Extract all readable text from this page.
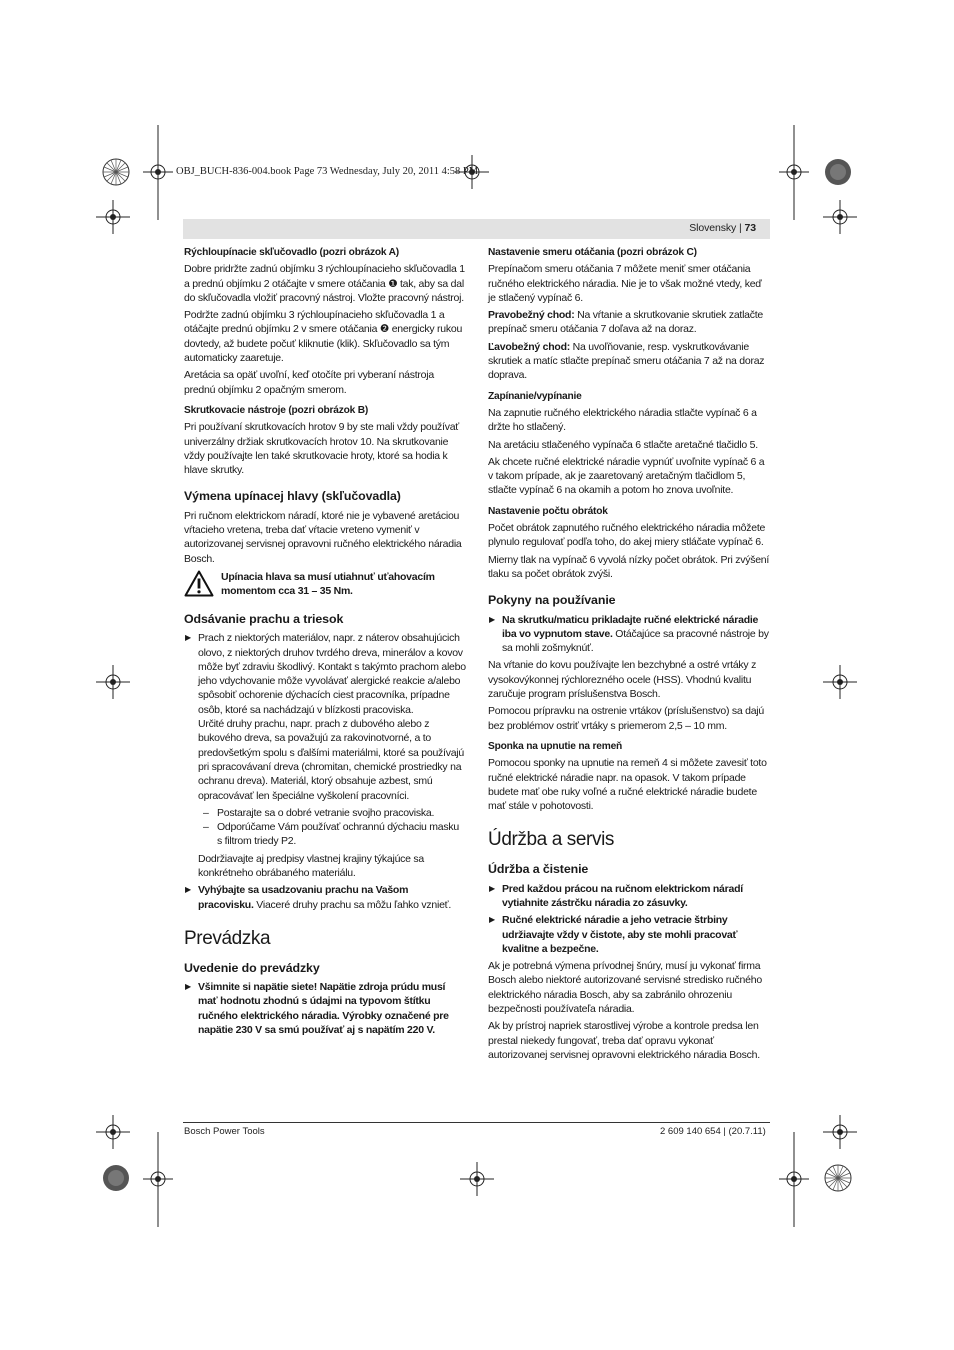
OBJ_BUCH-836-004.book Page 73 Wednesday, July 20, 2011 4:58 PM
Slovensky | 73
Rýchloupínacie skľučovadlo (pozri obrázok A)

Dobre pridržte zadnú objímku 3 rýchloupínacieho skľučovadla 1 a prednú objímku 2 otáčajte v smere otáčania ❶ tak, aby sa dal do skľučovadla vložiť pracovný nástroj. Vložte pracovný nástroj.

Podržte zadnú objímku 3 rýchloupínacieho skľučovadla 1 a otáčajte prednú objímku 2 v smere otáčania ❷ energicky rukou dovtedy, až budete počuť kliknutie (klik). Skľučovadlo sa tým automaticky zaaretuje.

Aretácia sa opäť uvoľní, keď otočíte pri vyberaní nástroja prednú objímku 2 opačným smerom.

Skrutkovacie nástroje (pozri obrázok B)

Pri používaní skrutkovacích hrotov 9 by ste mali vždy používať univerzálny držiak skrutkovacích hrotov 10. Na skrutkovanie vždy používajte len také skrutkovacie hroty, ktoré sa hodia k hlave skrutky.

Výmena upínacej hlavy (skľučovadla)

Pri ručnom elektrickom náradí, ktoré nie je vybavené aretáciou vŕtacieho vretena, treba dať vŕtacie vreteno vymeniť v autorizovanej servisnej opravovni ručného elektrického náradia Bosch.

Upínacia hlava sa musí utiahnuť uťahovacím momentom cca 31 – 35 Nm.
Odsávanie prachu a triesok
▶ Prach z niektorých materiálov, napr. z náterov obsahujúcich olovo, z niektorých druhov tvrdého dreva, minerálov a kovov môže byť zdraviu škodlivý. Kontakt s takýmto prachom alebo jeho vdychovanie môže vyvolávať alergické reakcie a/alebo spôsobiť ochorenie dýchacích ciest pracovníka, prípadne osôb, ktoré sa nachádzajú v blízkosti pracoviska.
Určité druhy prachu, napr. prach z dubového alebo z bukového dreva, sa považujú za rakovinotvorné, a to predovšetkým spolu s ďalšími materiálmi, ktoré sa používajú pri spracovávaní dreva (chromitan, chemické prostriedky na ochranu dreva). Materiál, ktorý obsahuje azbest, smú opracovávať len špeciálne vyškolení pracovníci.
– Postarajte sa o dobré vetranie svojho pracoviska.
– Odporúčame Vám používať ochrannú dýchaciu masku s filtrom triedy P2.

Dodržiavajte aj predpisy vlastnej krajiny týkajúce sa konkrétneho obrábaného materiálu.

▶ Vyhýbajte sa usadzovaniu prachu na Vašom pracovisku. Viaceré druhy prachu sa môžu ľahko vznieť.
Prevádzka
Uvedenie do prevádzky
▶ Všimnite si napätie siete! Napätie zdroja prúdu musí mať hodnotu zhodnú s údajmi na typovom štítku ručného elektrického náradia. Výrobky označené pre napätie 230 V sa smú používať aj s napätím 220 V.
Nastavenie smeru otáčania (pozri obrázok C)

Prepínačom smeru otáčania 7 môžete meniť smer otáčania ručného elektrického náradia. Nie je to však možné vtedy, keď je stlačený vypínač 6.

Pravobežný chod: Na vŕtanie a skrutkovanie skrutiek zatlačte prepínač smeru otáčania 7 doľava až na doraz.

Ľavobežný chod: Na uvoľňovanie, resp. vyskrutkovávanie skrutiek a matíc stlačte prepínač smeru otáčania 7 až na doraz doprava.

Zapínanie/vypínanie

Na zapnutie ručného elektrického náradia stlačte vypínač 6 a držte ho stlačený.

Na aretáciu stlačeného vypínača 6 stlačte aretačné tlačidlo 5.

Ak chcete ručné elektrické náradie vypnúť uvoľnite vypínač 6 a v takom prípade, ak je zaaretovaný aretačným tlačidlom 5, stlačte vypínač 6 na okamih a potom ho znova uvoľnite.

Nastavenie počtu obrátok

Počet obrátok zapnutého ručného elektrického náradia môžete plynulo regulovať podľa toho, do akej miery stláčate vypínač 6.

Mierny tlak na vypínač 6 vyvolá nízky počet obrátok. Pri zvýšení tlaku sa počet obrátok zvýši.

Pokyny na používanie
▶ Na skrutku/maticu prikladajte ručné elektrické náradie iba vo vypnutom stave. Otáčajúce sa pracovné nástroje by sa mohli zošmyknúť.

Na vŕtanie do kovu používajte len bezchybné a ostré vrtáky z vysokovýkonnej rýchlorezného ocele (HSS). Vhodnú kvalitu zaručuje program príslušenstva Bosch.

Pomocou prípravku na ostrenie vrtákov (príslušenstvo) sa dajú bez problémov ostriť vrtáky s priemerom 2,5 – 10 mm.

Sponka na upnutie na remeň

Pomocou sponky na upnutie na remeň 4 si môžete zavesiť toto ručné elektrické náradie napr. na opasok. V takom prípade budete mať obe ruky voľné a ručné elektrické náradie budete mať stále v pohotovosti.

Údržba a servis
Údržba a čistenie
▶ Pred každou prácou na ručnom elektrickom náradí vytiahnite zástrčku náradia zo zásuvky.
▶ Ručné elektrické náradie a jeho vetracie štrbiny udržiavajte vždy v čistote, aby ste mohli pracovať kvalitne a bezpečne.

Ak je potrebná výmena prívodnej šnúry, musí ju vykonať firma Bosch alebo niektoré autorizované servisné stredisko ručného elektrického náradia Bosch, aby sa zabránilo ohrozeniu bezpečnosti používateľa náradia.

Ak by prístroj napriek starostlivej výrobe a kontrole predsa len prestal niekedy fungovať, treba dať opravu vykonať autorizovanej servisnej opravovni elektrického náradia Bosch.

Bosch Power Tools	2 609 140 654 | (20.7.11)
